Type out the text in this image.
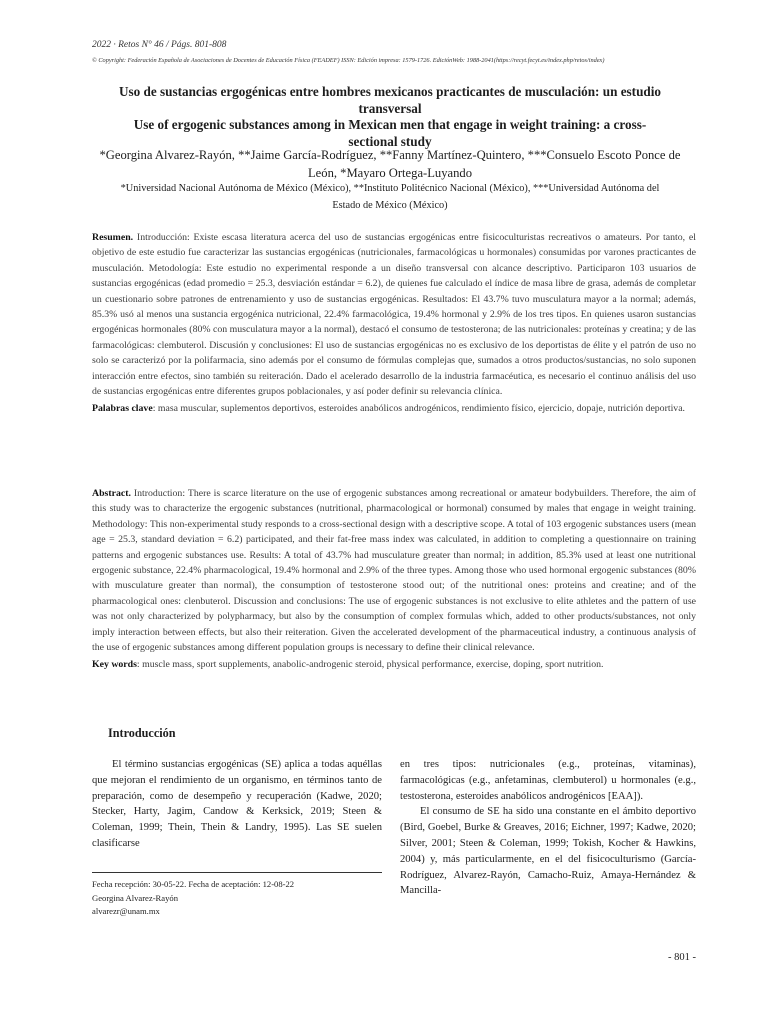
2022 · Retos N° 46 / Págs. 801-808
© Copyright: Federación Española de Asociaciones de Docentes de Educación Física (FEADEF) ISSN: Edición impresa: 1579-1726. EdiciónWeb: 1988-2041(https://recyt.fecyt.es/index.php/retos/index)
Uso de sustancias ergogénicas entre hombres mexicanos practicantes de musculación: un estudio
transversal
Use of ergogenic substances among in Mexican men that engage in weight training: a cross-
sectional study
*Georgina Alvarez-Rayón, **Jaime García-Rodríguez, **Fanny Martínez-Quintero, ***Consuelo Escoto Ponce de
León, *Mayaro Ortega-Luyando
*Universidad Nacional Autónoma de México (México), **Instituto Politécnico Nacional (México), ***Universidad Autónoma del
Estado de México (México)
Resumen. Introducción: Existe escasa literatura acerca del uso de sustancias ergogénicas entre fisicoculturistas recreativos o amateurs. Por tanto, el objetivo de este estudio fue caracterizar las sustancias ergogénicas (nutricionales, farmacológicas u hormonales) consumidas por varones practicantes de musculación. Metodología: Este estudio no experimental responde a un diseño transversal con alcance descriptivo. Participaron 103 usuarios de sustancias ergogénicas (edad promedio = 25.3, desviación estándar = 6.2), de quienes fue calculado el índice de masa libre de grasa, además de completar un cuestionario sobre patrones de entrenamiento y uso de sustancias ergogénicas. Resultados: El 43.7% tuvo musculatura mayor a la normal; además, 85.3% usó al menos una sustancia ergogénica nutricional, 22.4% farmacológica, 19.4% hormonal y 2.9% de los tres tipos. En quienes usaron sustancias ergogénicas hormonales (80% con musculatura mayor a la normal), destacó el consumo de testosterona; de las nutricionales: proteínas y creatina; y de las farmacológicas: clembuterol. Discusión y conclusiones: El uso de sustancias ergogénicas no es exclusivo de los deportistas de élite y el patrón de uso no solo se caracterizó por la polifarmacia, sino además por el consumo de fórmulas complejas que, sumados a otros productos/sustancias, no solo suponen interacción entre efectos, sino también su reiteración. Dado el acelerado desarrollo de la industria farmacéutica, es necesario el continuo análisis del uso de sustancias ergogénicas entre diferentes grupos poblacionales, y así poder definir su relevancia clínica.
Palabras clave: masa muscular, suplementos deportivos, esteroides anabólicos androgénicos, rendimiento físico, ejercicio, dopaje, nutrición deportiva.
Abstract. Introduction: There is scarce literature on the use of ergogenic substances among recreational or amateur bodybuilders. Therefore, the aim of this study was to characterize the ergogenic substances (nutritional, pharmacological or hormonal) consumed by males that engage in weight training. Methodology: This non-experimental study responds to a cross-sectional design with a descriptive scope. A total of 103 ergogenic substances users (mean age = 25.3, standard deviation = 6.2) participated, and their fat-free mass index was calculated, in addition to completing a questionnaire on training patterns and ergogenic substances use. Results: A total of 43.7% had musculature greater than normal; in addition, 85.3% used at least one nutritional ergogenic substance, 22.4% pharmacological, 19.4% hormonal and 2.9% of the three types. Among those who used hormonal ergogenic substances (80% with musculature greater than normal), the consumption of testosterone stood out; of the nutritional ones: proteins and creatine; and of the pharmacological ones: clenbuterol. Discussion and conclusions: The use of ergogenic substances is not exclusive to elite athletes and the pattern of use was not only characterized by polypharmacy, but also by the consumption of complex formulas which, added to other products/substances, not only imply interaction between effects, but also their reiteration. Given the accelerated development of the pharmaceutical industry, a continuous analysis of the use of ergogenic substances among different population groups is necessary to define their clinical relevance.
Key words: muscle mass, sport supplements, anabolic-androgenic steroid, physical performance, exercise, doping, sport nutrition.
Introducción

El término sustancias ergogénicas (SE) aplica a todas aquéllas que mejoran el rendimiento de un organismo, en términos tanto de preparación, como de desempeño y recuperación (Kadwe, 2020; Stecker, Harty, Jagim, Candow & Kerksick, 2019; Steen & Coleman, 1999; Thein, Thein & Landry, 1995). Las SE suelen clasificarse

en tres tipos: nutricionales (e.g., proteínas, vitaminas), farmacológicas (e.g., anfetaminas, clembuterol) u hormonales (e.g., testosterona, esteroides anabólicos androgénicos [EAA]).

El consumo de SE ha sido una constante en el ámbito deportivo (Bird, Goebel, Burke & Greaves, 2016; Eichner, 1997; Kadwe, 2020; Silver, 2001; Steen & Coleman, 1999; Tokish, Kocher & Hawkins, 2004) y, más particularmente, en el del fisicoculturismo (García-Rodríguez, Alvarez-Rayón, Camacho-Ruiz, Amaya-Hernández & Mancilla-

Fecha recepción: 30-05-22. Fecha de aceptación: 12-08-22
Georgina Alvarez-Rayón
alvarezr@unam.mx
- 801 -
